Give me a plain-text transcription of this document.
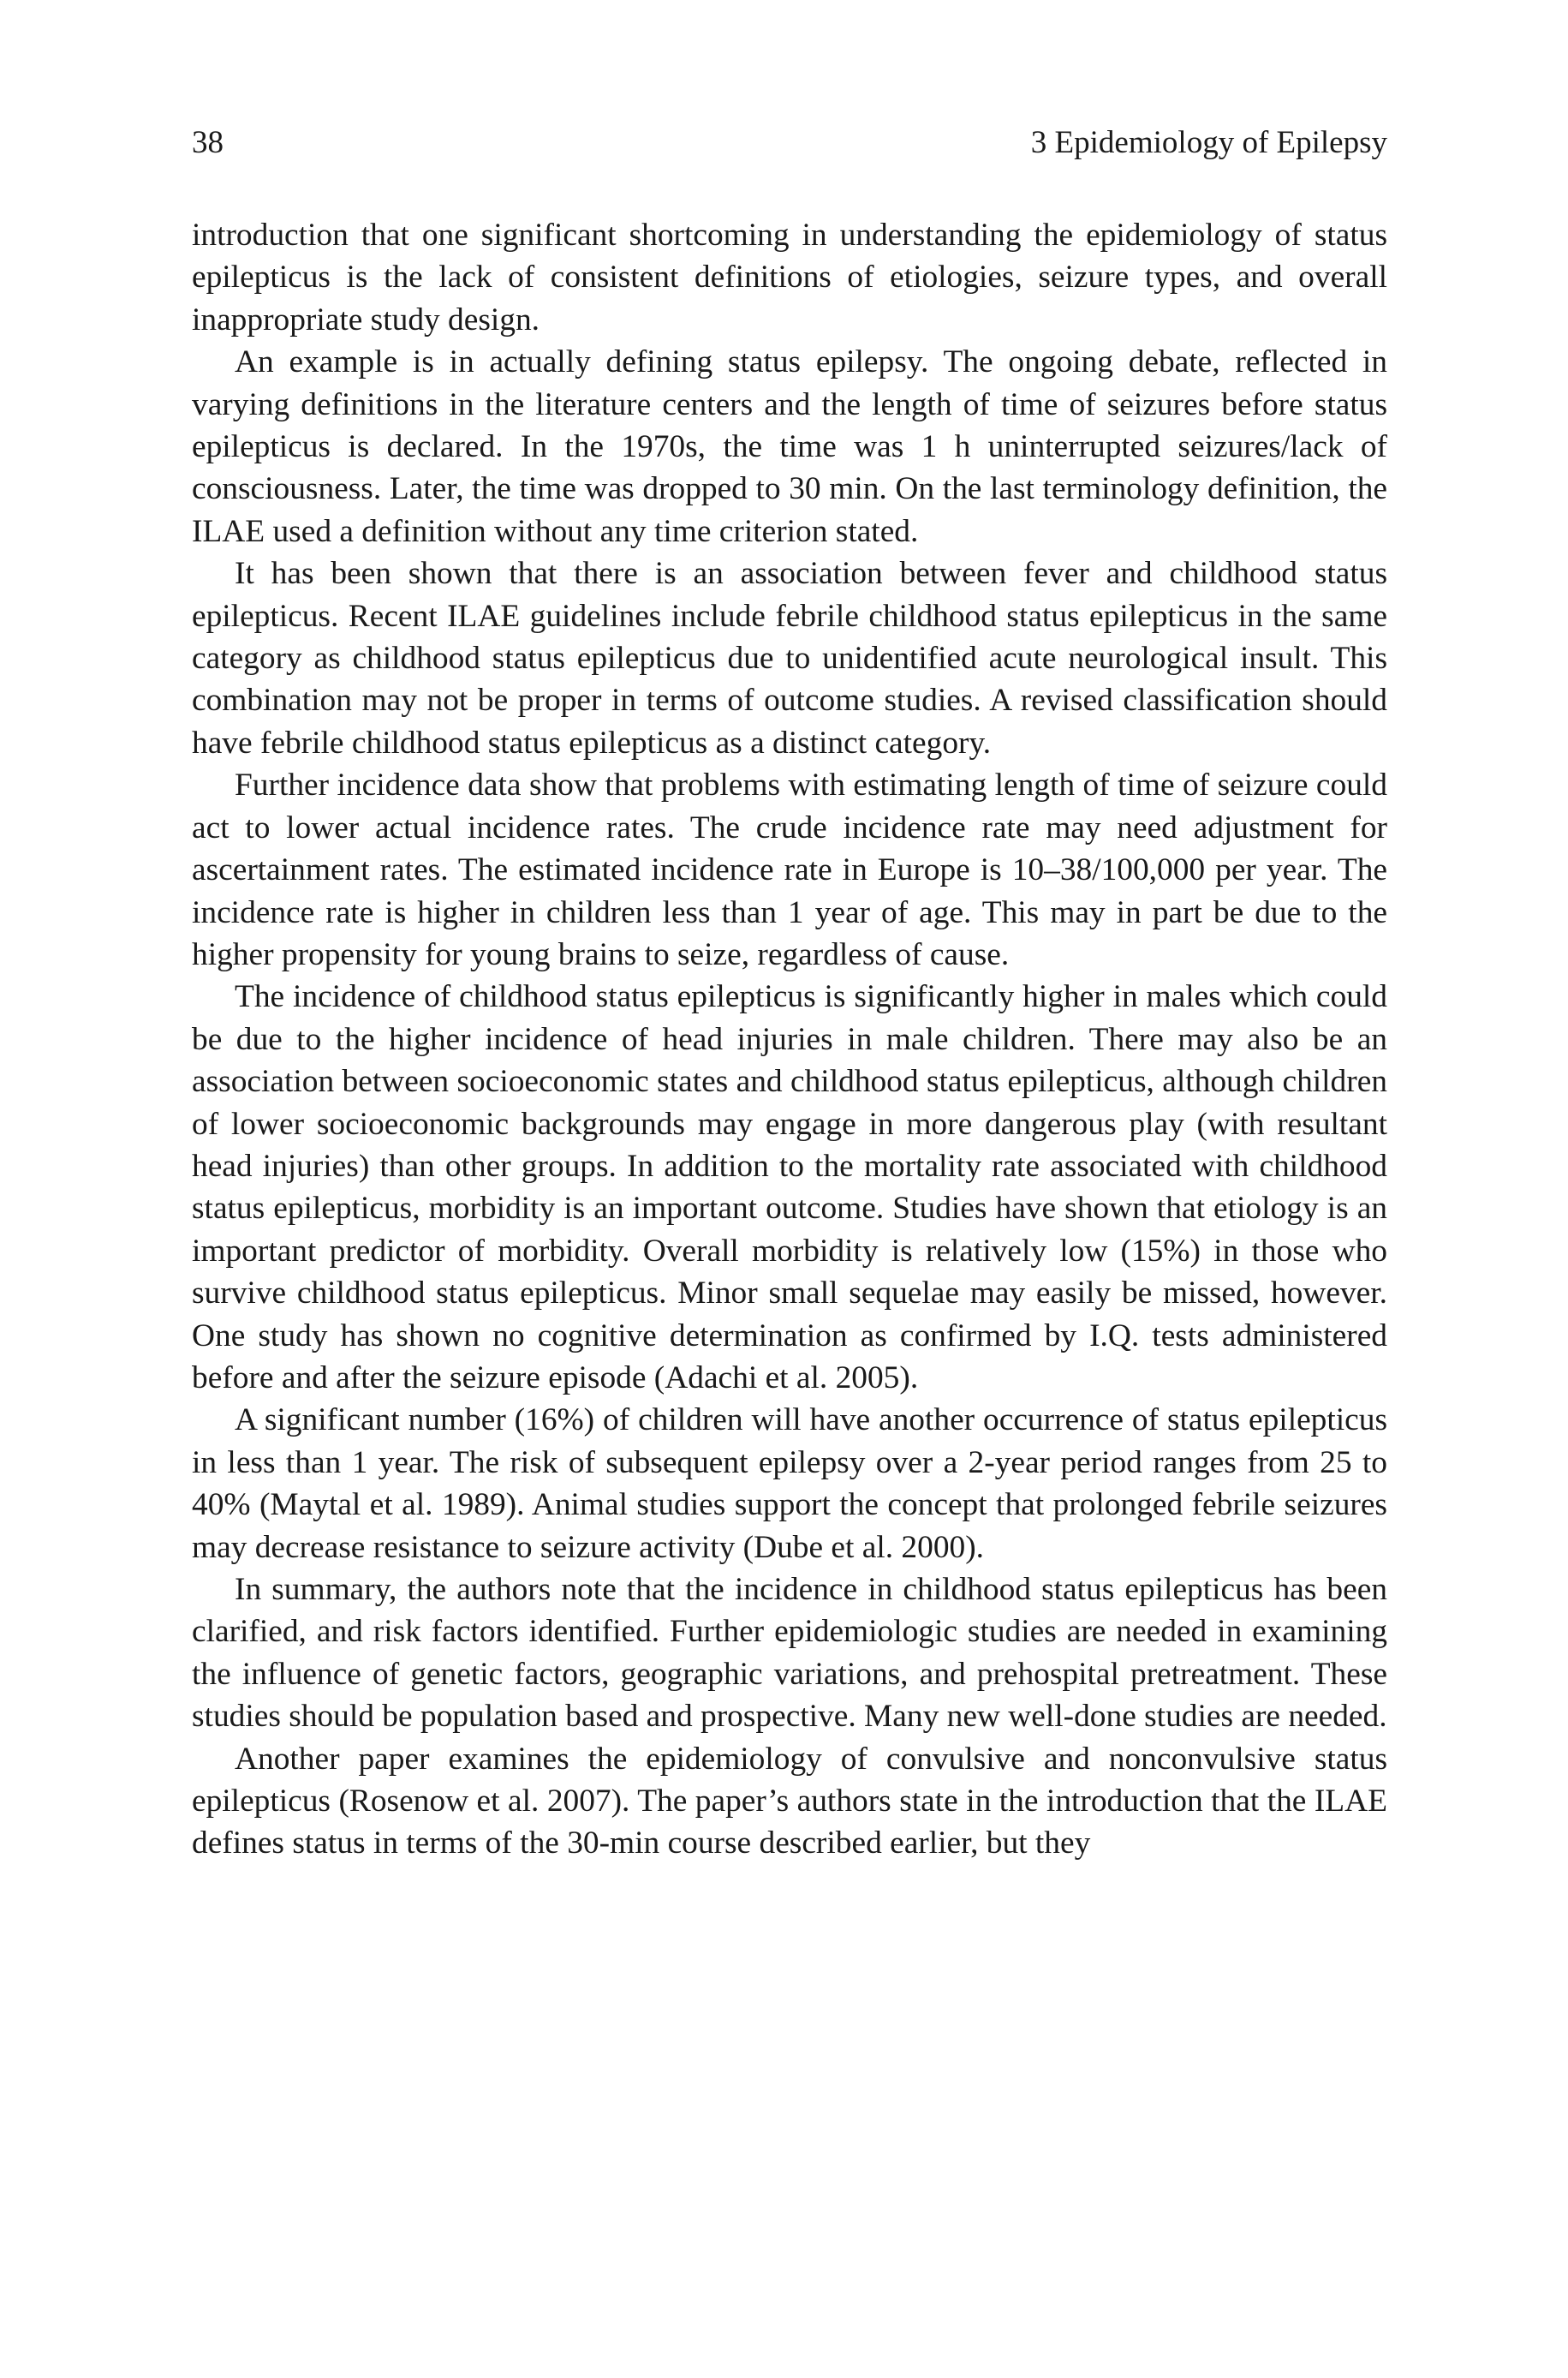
38	3 Epidemiology of Epilepsy

introduction that one significant shortcoming in understanding the epidemiology of status epilepticus is the lack of consistent definitions of etiologies, seizure types, and overall inappropriate study design.

An example is in actually defining status epilepsy. The ongoing debate, reflected in varying definitions in the literature centers and the length of time of seizures before status epilepticus is declared. In the 1970s, the time was 1 h uninterrupted seizures/lack of consciousness. Later, the time was dropped to 30 min. On the last terminology definition, the ILAE used a definition without any time criterion stated.

It has been shown that there is an association between fever and childhood status epilepticus. Recent ILAE guidelines include febrile childhood status epilepticus in the same category as childhood status epilepticus due to unidentified acute neurological insult. This combination may not be proper in terms of outcome studies. A revised classification should have febrile childhood status epilepticus as a distinct category.

Further incidence data show that problems with estimating length of time of seizure could act to lower actual incidence rates. The crude incidence rate may need adjustment for ascertainment rates. The estimated incidence rate in Europe is 10–38/100,000 per year. The incidence rate is higher in children less than 1 year of age. This may in part be due to the higher propensity for young brains to seize, regardless of cause.

The incidence of childhood status epilepticus is significantly higher in males which could be due to the higher incidence of head injuries in male children. There may also be an association between socioeconomic states and childhood status epilepticus, although children of lower socioeconomic backgrounds may engage in more dangerous play (with resultant head injuries) than other groups. In addition to the mortality rate associated with childhood status epilepticus, morbidity is an important outcome. Studies have shown that etiology is an important predictor of morbidity. Overall morbidity is relatively low (15%) in those who survive childhood status epilepticus. Minor small sequelae may easily be missed, however. One study has shown no cognitive determination as confirmed by I.Q. tests administered before and after the seizure episode (Adachi et al. 2005).

A significant number (16%) of children will have another occurrence of status epilepticus in less than 1 year. The risk of subsequent epilepsy over a 2-year period ranges from 25 to 40% (Maytal et al. 1989). Animal studies support the concept that prolonged febrile seizures may decrease resistance to seizure activity (Dube et al. 2000).

In summary, the authors note that the incidence in childhood status epilepticus has been clarified, and risk factors identified. Further epidemiologic studies are needed in examining the influence of genetic factors, geographic variations, and prehospital pretreatment. These studies should be population based and prospective. Many new well-done studies are needed.

Another paper examines the epidemiology of convulsive and nonconvulsive status epilepticus (Rosenow et al. 2007). The paper’s authors state in the introduction that the ILAE defines status in terms of the 30-min course described earlier, but they
